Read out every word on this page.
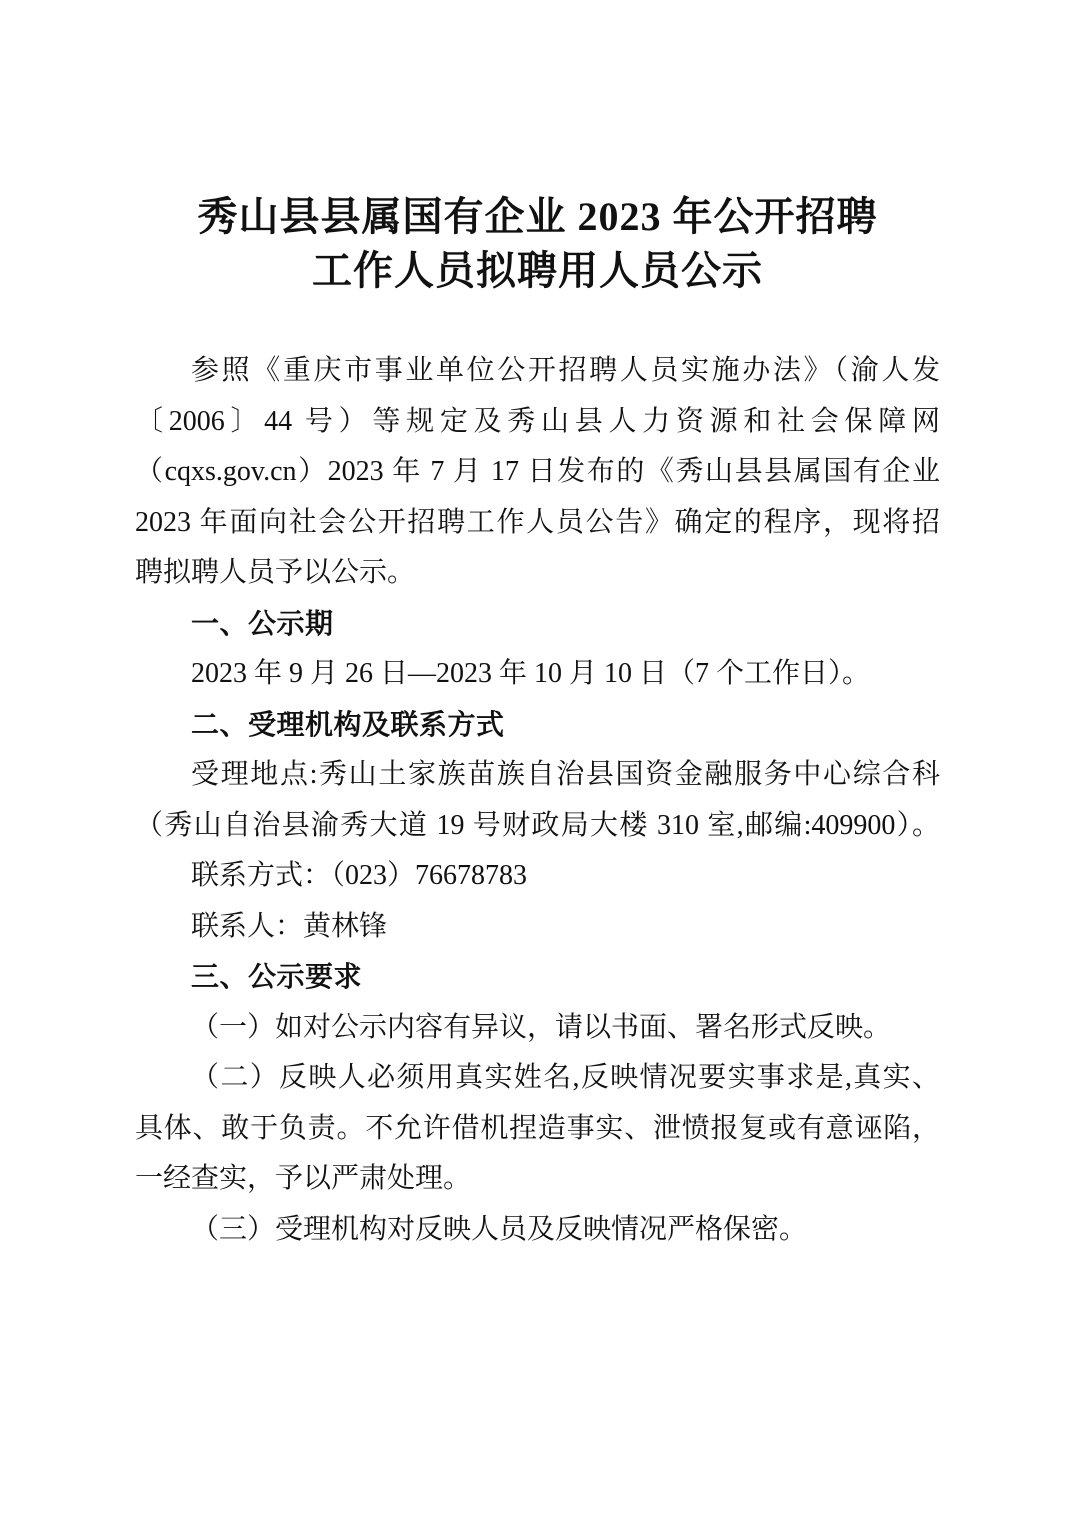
秀山县县属国有企业 2023 年公开招聘
工作人员拟聘用人员公示
参照《重庆市事业单位公开招聘人员实施办法》（渝人发
〔2006〕44 号）等规定及秀山县人力资源和社会保障网
（cqxs.gov.cn）2023 年 7 月 17 日发布的《秀山县县属国有企业
2023 年面向社会公开招聘工作人员公告》确定的程序，现将招
聘拟聘人员予以公示。
一、公示期
2023 年 9 月 26 日—2023 年 10 月 10 日（7 个工作日）。
二、受理机构及联系方式
受理地点:秀山土家族苗族自治县国资金融服务中心综合科
（秀山自治县渝秀大道 19 号财政局大楼 310 室,邮编:409900）。
联系方式：（023）76678783
联系人：黄林锋
三、公示要求
（一）如对公示内容有异议，请以书面、署名形式反映。
（二）反映人必须用真实姓名,反映情况要实事求是,真实、
具体、敢于负责。不允许借机捏造事实、泄愤报复或有意诬陷，
一经查实，予以严肃处理。
（三）受理机构对反映人员及反映情况严格保密。
